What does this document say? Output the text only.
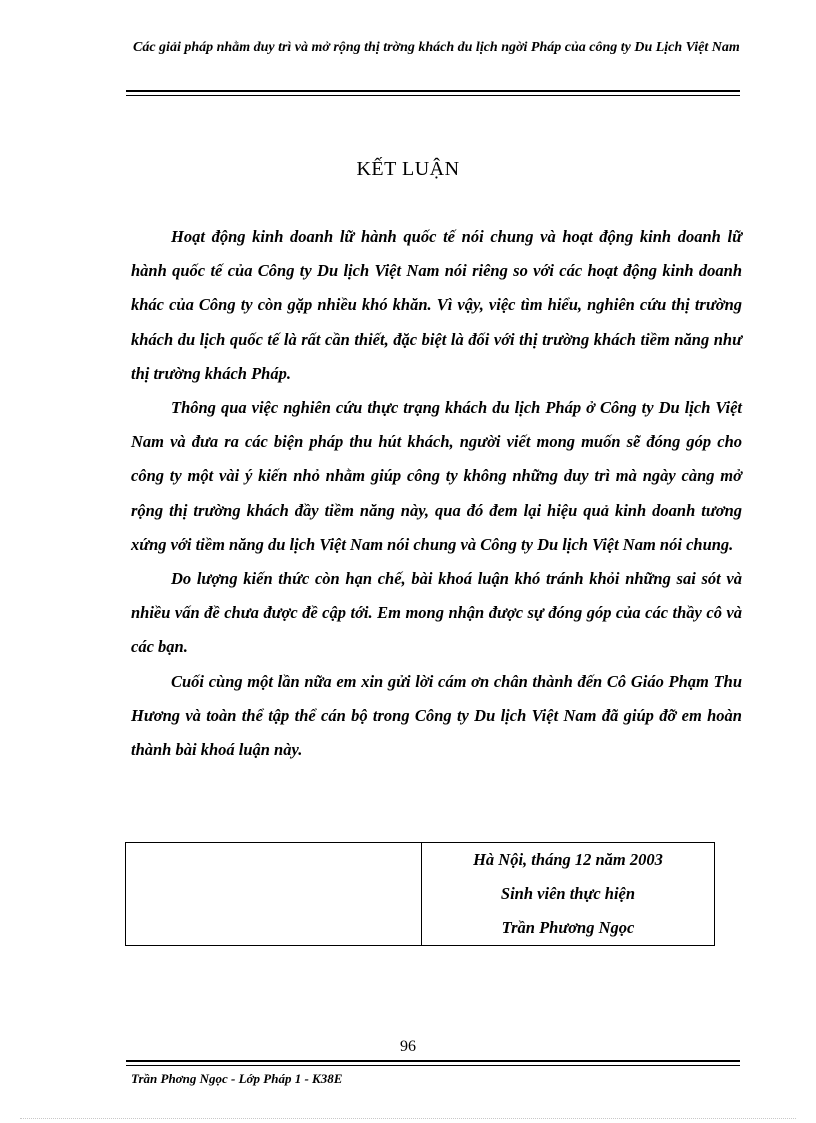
Các giải pháp nhằm duy trì và mở rộng thị trờng khách du lịch ngời Pháp của công ty Du Lịch Việt Nam
KẾT LUẬN

Hoạt động kinh doanh lữ hành quốc tế nói chung và hoạt động kinh doanh lữ hành quốc tế của Công ty Du lịch Việt Nam nói riêng so với các hoạt động kinh doanh khác của Công ty còn gặp nhiều khó khăn. Vì vậy, việc tìm hiểu, nghiên cứu thị trường khách du lịch quốc tế là rất cần thiết, đặc biệt là đối với thị trường khách tiềm năng như thị trường khách Pháp.

Thông qua việc nghiên cứu thực trạng khách du lịch Pháp ở Công ty Du lịch Việt Nam và đưa ra các biện pháp thu hút khách, người viết mong muốn sẽ đóng góp cho công ty một vài ý kiến nhỏ nhằm giúp công ty không những duy trì mà ngày càng mở rộng thị trường khách đầy tiềm năng này, qua đó đem lại hiệu quả kinh doanh tương xứng với tiềm năng du lịch Việt Nam nói chung và Công ty Du lịch Việt Nam nói chung.

Do lượng kiến thức còn hạn chế, bài khoá luận khó tránh khỏi những sai sót và nhiều vấn đề chưa được đề cập tới. Em mong nhận được sự đóng góp của các thầy cô và các bạn.

Cuối cùng một lần nữa em xin gửi lời cám ơn chân thành đến Cô Giáo Phạm Thu Hương và toàn thể tập thể cán bộ trong Công ty Du lịch Việt Nam đã giúp đỡ em hoàn thành bài khoá luận này.

Hà Nội, tháng 12 năm 2003
Sinh viên thực hiện
Trần Phương Ngọc
96
Trần Phơng Ngọc - Lớp Pháp 1 - K38E
